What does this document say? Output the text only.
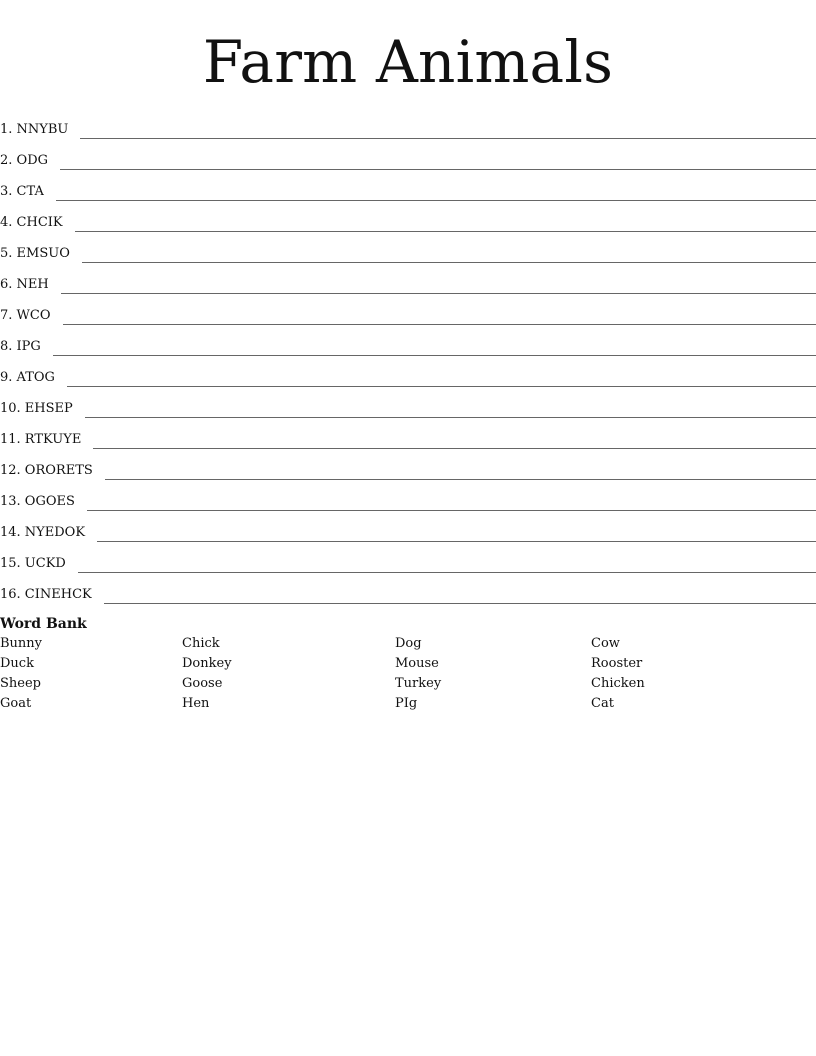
Farm Animals
1. NNYBU
2. ODG
3. CTA
4. CHCIK
5. EMSUO
6. NEH
7. WCO
8. IPG
9. ATOG
10. EHSEP
11. RTKUYE
12. ORORETS
13. OGOES
14. NYEDOK
15. UCKD
16. CINEHCK
Word Bank
Bunny	Chick	Dog	Cow
Duck	Donkey	Mouse	Rooster
Sheep	Goose	Turkey	Chicken
Goat	Hen	PIg	Cat
